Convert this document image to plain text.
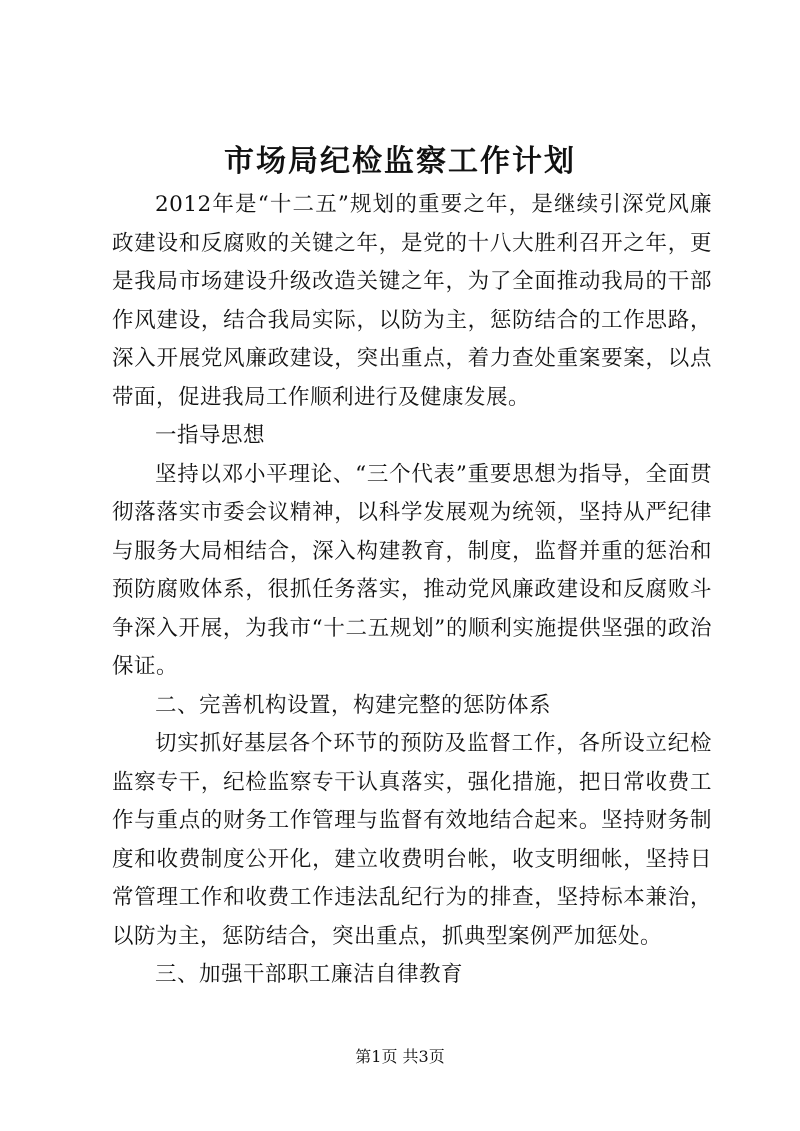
市场局纪检监察工作计划

2012年是“十二五”规划的重要之年，是继续引深党风廉政建设和反腐败的关键之年，是党的十八大胜利召开之年，更是我局市场建设升级改造关键之年，为了全面推动我局的干部作风建设，结合我局实际，以防为主，惩防结合的工作思路，深入开展党风廉政建设，突出重点，着力查处重案要案，以点带面，促进我局工作顺利进行及健康发展。

一指导思想

坚持以邓小平理论、“三个代表”重要思想为指导，全面贯彻落落实市委会议精神，以科学发展观为统领，坚持从严纪律与服务大局相结合，深入构建教育，制度，监督并重的惩治和预防腐败体系，很抓任务落实，推动党风廉政建设和反腐败斗争深入开展，为我市“十二五规划”的顺利实施提供坚强的政治保证。

二、完善机构设置，构建完整的惩防体系

切实抓好基层各个环节的预防及监督工作，各所设立纪检监察专干，纪检监察专干认真落实，强化措施，把日常收费工作与重点的财务工作管理与监督有效地结合起来。坚持财务制度和收费制度公开化，建立收费明台帐，收支明细帐，坚持日常管理工作和收费工作违法乱纪行为的排查，坚持标本兼治，以防为主，惩防结合，突出重点，抓典型案例严加惩处。

三、加强干部职工廉洁自律教育

第1页 共3页
